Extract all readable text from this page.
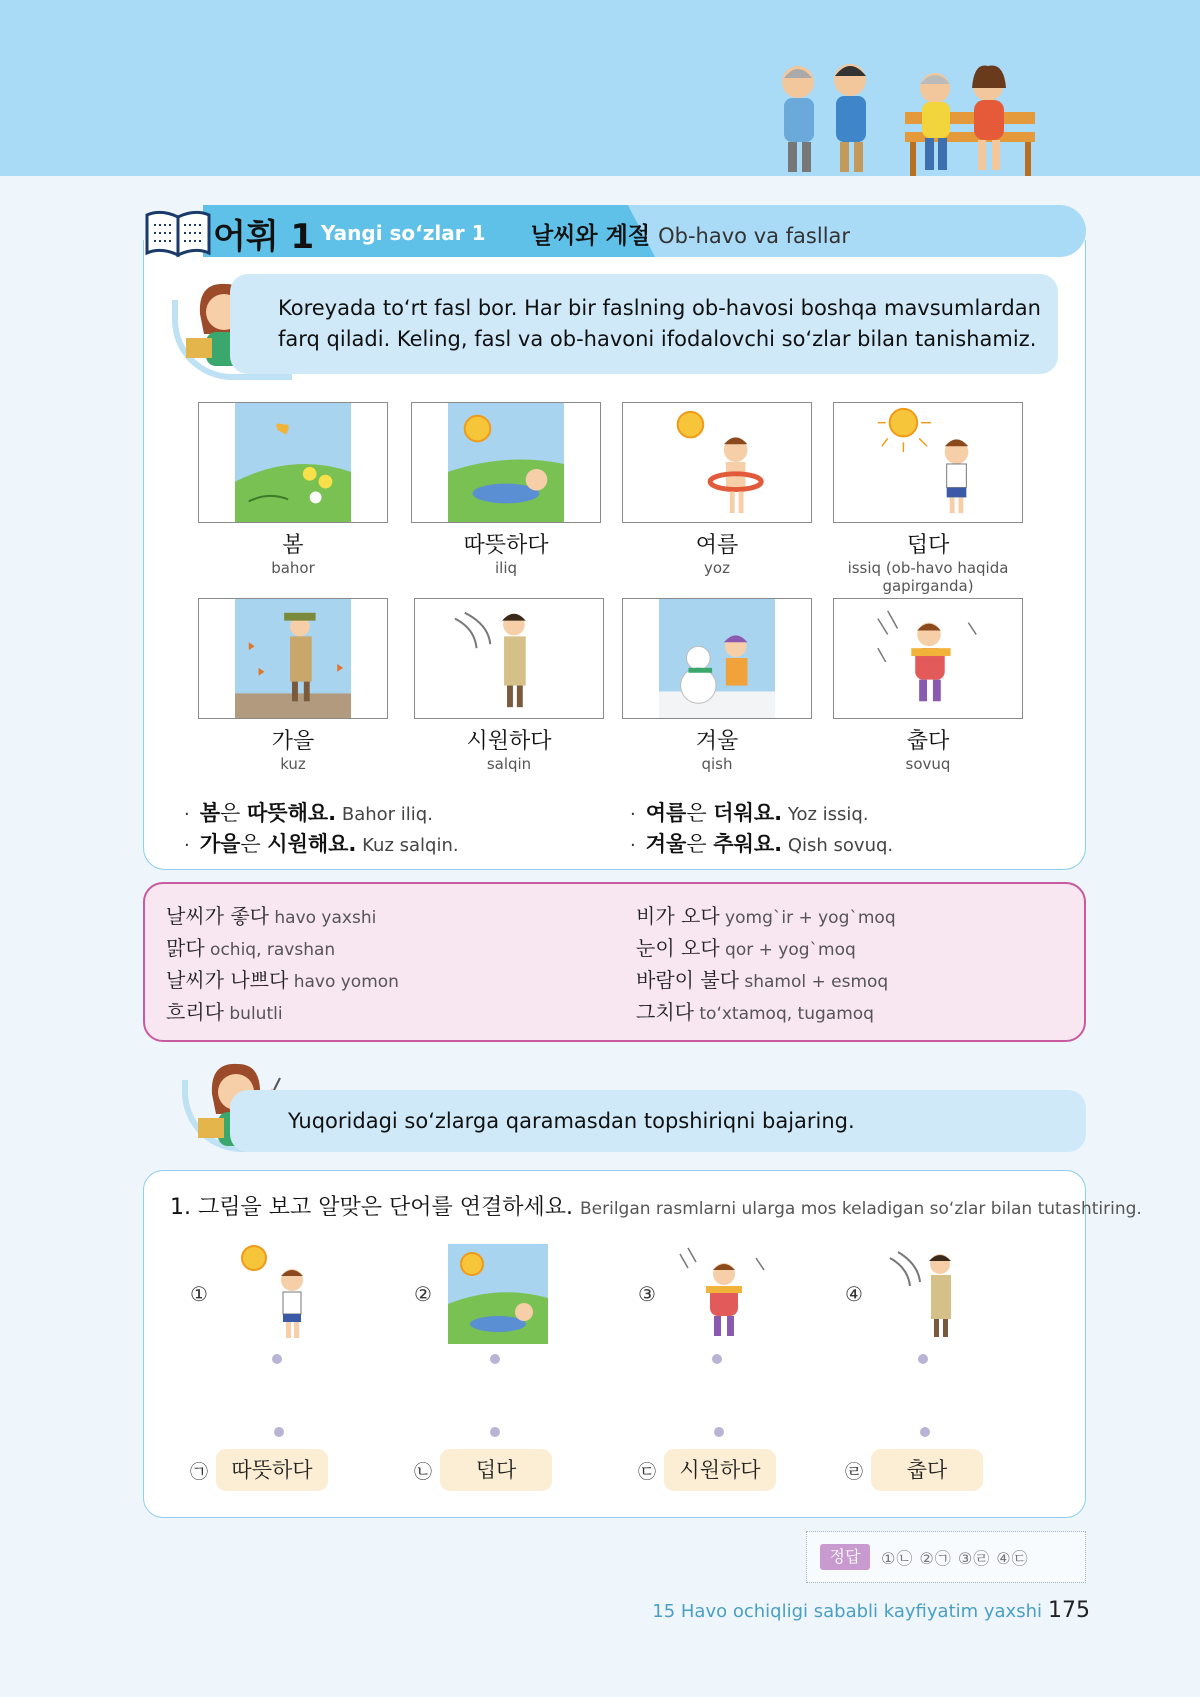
어휘 1 Yangi so‘zlar 1 날씨와 계절 Ob-havo va fasllar
Koreyada to‘rt fasl bor. Har bir faslning ob-havosi boshqa mavsumlardan
farq qiladi. Keling, fasl va ob-havoni ifodalovchi so‘zlar bilan tanishamiz.
봄
bahor
따뜻하다
iliq
여름
yoz
덥다
issiq (ob-havo haqida gapirganda)
가을
kuz
시원하다
salqin
겨울
qish
춥다
sovuq
· 봄은 따뜻해요. Bahor iliq.	· 여름은 더워요. Yoz issiq.
· 가을은 시원해요. Kuz salqin.	· 겨울은 추워요. Qish sovuq.
날씨가 좋다 havo yaxshi
맑다 ochiq, ravshan
날씨가 나쁘다 havo yomon
흐리다 bulutli
비가 오다 yomg`ir + yog`moq
눈이 오다 qor + yog`moq
바람이 불다 shamol + esmoq
그치다 to‘xtamoq, tugamoq
Yuqoridagi so‘zlarga qaramasdan topshiriqni bajaring.
1. 그림을 보고 알맞은 단어를 연결하세요. Berilgan rasmlarni ularga mos keladigan so‘zlar bilan tutashtiring.
①	②	③	④
㉠	따뜻하다	㉡	덥다	㉢	시원하다	㉣	춥다
정답	①㉡ ②㉠ ③㉣ ④㉢
15 Havo ochiqligi sababli kayfiyatim yaxshi 175
